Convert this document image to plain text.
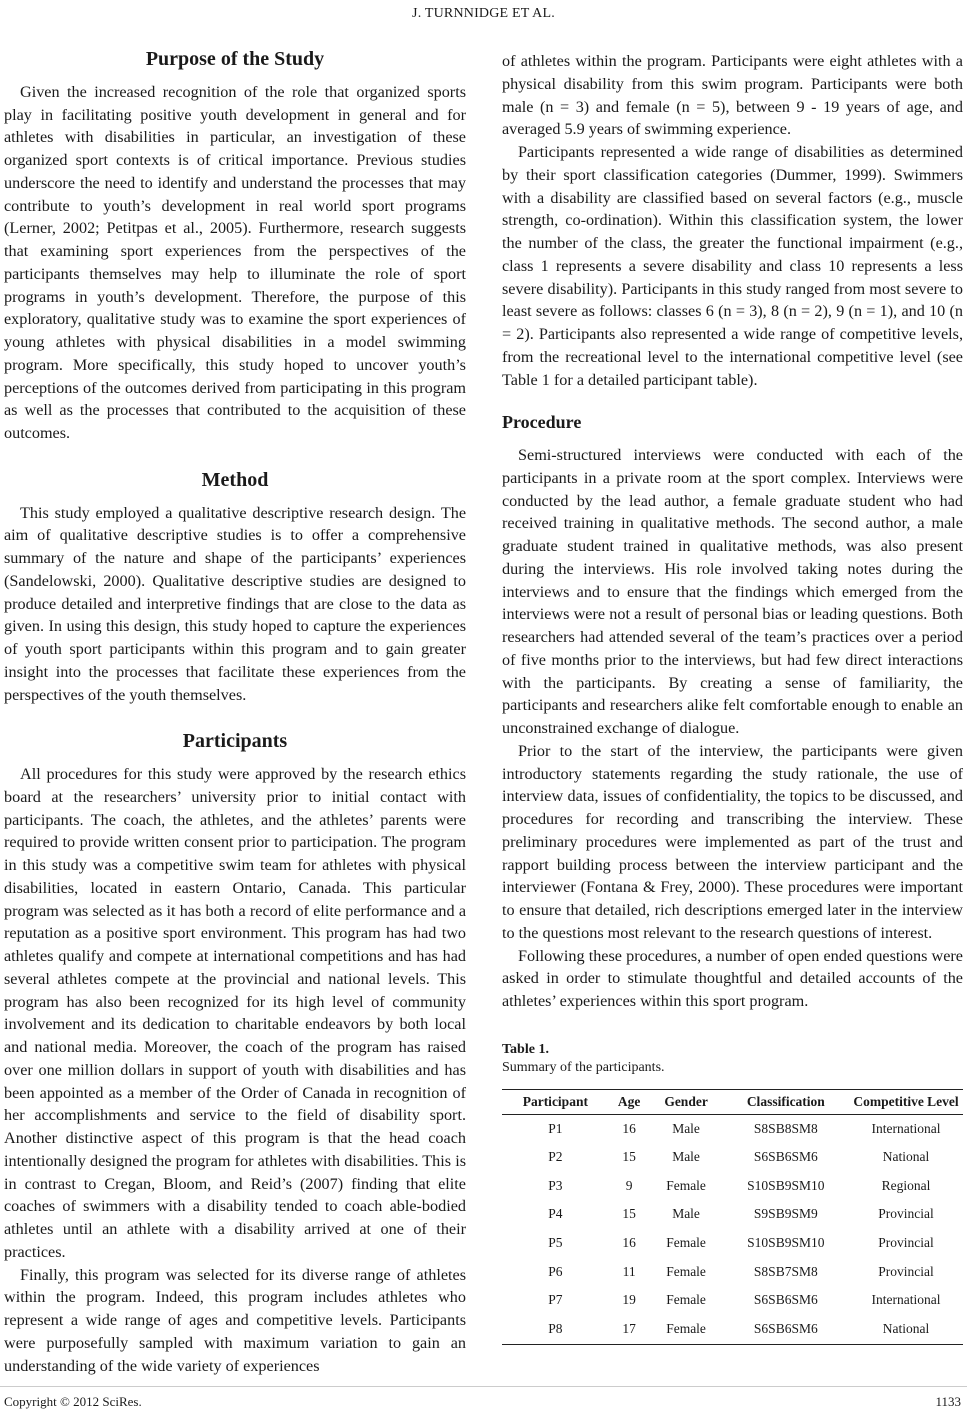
J. TURNNIDGE ET AL.
Purpose of the Study

Given the increased recognition of the role that organized sports play in facilitating positive youth development in general and for athletes with disabilities in particular, an investigation of these organized sport contexts is of critical importance. Previous studies underscore the need to identify and understand the processes that may contribute to youth’s development in real world sport programs (Lerner, 2002; Petitpas et al., 2005). Furthermore, research suggests that examining sport experiences from the perspectives of the participants themselves may help to illuminate the role of sport programs in youth’s development. Therefore, the purpose of this exploratory, qualitative study was to examine the sport experiences of young athletes with physical disabilities in a model swimming program. More specifically, this study hoped to uncover youth’s perceptions of the outcomes derived from participating in this program as well as the processes that contributed to the acquisition of these outcomes.

Method

This study employed a qualitative descriptive research design. The aim of qualitative descriptive studies is to offer a comprehensive summary of the nature and shape of the participants’ experiences (Sandelowski, 2000). Qualitative descriptive studies are designed to produce detailed and interpretive findings that are close to the data as given. In using this design, this study hoped to capture the experiences of youth sport participants within this program and to gain greater insight into the processes that facilitate these experiences from the perspectives of the youth themselves.

Participants

All procedures for this study were approved by the research ethics board at the researchers’ university prior to initial contact with participants. The coach, the athletes, and the athletes’ parents were required to provide written consent prior to participation. The program in this study was a competitive swim team for athletes with physical disabilities, located in eastern Ontario, Canada. This particular program was selected as it has both a record of elite performance and a reputation as a positive sport environment. This program has had two athletes qualify and compete at international competitions and has had several athletes compete at the provincial and national levels. This program has also been recognized for its high level of community involvement and its dedication to charitable endeavors by both local and national media. Moreover, the coach of the program has raised over one million dollars in support of youth with disabilities and has been appointed as a member of the Order of Canada in recognition of her accomplishments and service to the field of disability sport. Another distinctive aspect of this program is that the head coach intentionally designed the program for athletes with disabilities. This is in contrast to Cregan, Bloom, and Reid’s (2007) finding that elite coaches of swimmers with a disability tended to coach able-bodied athletes until an athlete with a disability arrived at one of their practices.

Finally, this program was selected for its diverse range of athletes within the program. Indeed, this program includes athletes who represent a wide range of ages and competitive levels. Participants were purposefully sampled with maximum variation to gain an understanding of the wide variety of experiences

of athletes within the program. Participants were eight athletes with a physical disability from this swim program. Participants were both male (n = 3) and female (n = 5), between 9 - 19 years of age, and averaged 5.9 years of swimming experience.

Participants represented a wide range of disabilities as determined by their sport classification categories (Dummer, 1999). Swimmers with a disability are classified based on several factors (e.g., muscle strength, co-ordination). Within this classification system, the lower the number of the class, the greater the functional impairment (e.g., class 1 represents a severe disability and class 10 represents a less severe disability). Participants in this study ranged from most severe to least severe as follows: classes 6 (n = 3), 8 (n = 2), 9 (n = 1), and 10 (n = 2). Participants also represented a wide range of competitive levels, from the recreational level to the international competitive level (see Table 1 for a detailed participant table).

Procedure

Semi-structured interviews were conducted with each of the participants in a private room at the sport complex. Interviews were conducted by the lead author, a female graduate student who had received training in qualitative methods. The second author, a male graduate student trained in qualitative methods, was also present during the interviews. His role involved taking notes during the interviews and to ensure that the findings which emerged from the interviews were not a result of personal bias or leading questions. Both researchers had attended several of the team’s practices over a period of five months prior to the interviews, but had few direct interactions with the participants. By creating a sense of familiarity, the participants and researchers alike felt comfortable enough to enable an unconstrained exchange of dialogue.

Prior to the start of the interview, the participants were given introductory statements regarding the study rationale, the use of interview data, issues of confidentiality, the topics to be discussed, and procedures for recording and transcribing the interview. These preliminary procedures were implemented as part of the trust and rapport building process between the interview participant and the interviewer (Fontana & Frey, 2000). These procedures were important to ensure that detailed, rich descriptions emerged later in the interview to the questions most relevant to the research questions of interest.

Following these procedures, a number of open ended questions were asked in order to stimulate thoughtful and detailed accounts of the athletes’ experiences within this sport program.

Table 1.
Summary of the participants.
Participant	Age	Gender	Classification	Competitive Level
P1	16	Male	S8SB8SM8	International
P2	15	Male	S6SB6SM6	National
P3	9	Female	S10SB9SM10	Regional
P4	15	Male	S9SB9SM9	Provincial
P5	16	Female	S10SB9SM10	Provincial
P6	11	Female	S8SB7SM8	Provincial
P7	19	Female	S6SB6SM6	International
P8	17	Female	S6SB6SM6	National
Copyright © 2012 SciRes.	1133
